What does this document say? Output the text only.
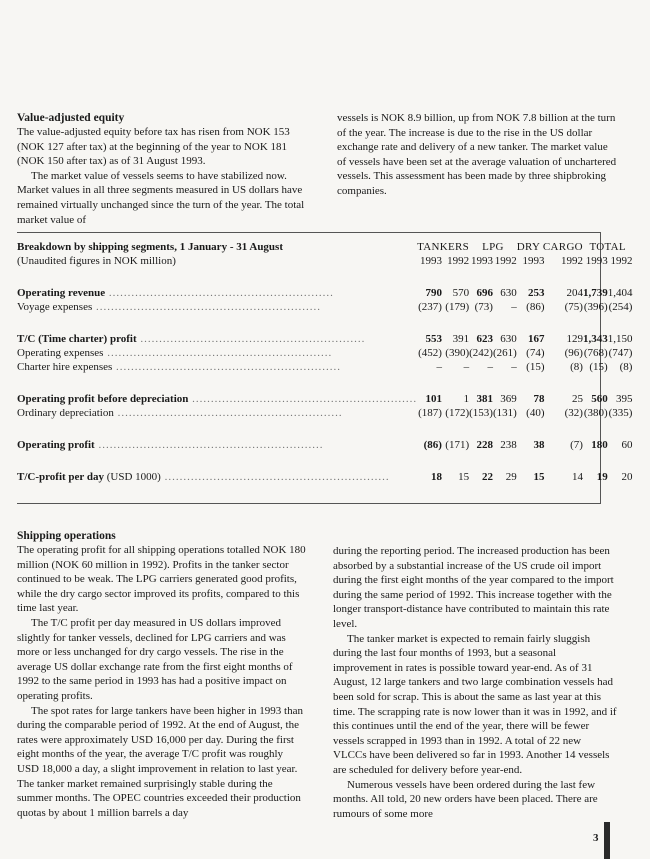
Value-adjusted equity

The value-adjusted equity before tax has risen from NOK 153 (NOK 127 after tax) at the beginning of the year to NOK 181 (NOK 150 after tax) as of 31 August 1993.

The market value of vessels seems to have stabilized now. Market values in all three segments measured in US dollars have remained virtually unchanged since the turn of the year. The total market value of

vessels is NOK 8.9 billion, up from NOK 7.8 billion at the turn of the year. The increase is due to the rise in the US dollar exchange rate and delivery of a new tanker. The market value of vessels have been set at the average valuation of unchartered vessels. This assessment has been made by three shipbroking companies.

Breakdown by shipping segments, 1 January - 31 August	TANKERS		LPG		DRY CARGO		TOTAL	
(Unaudited figures in NOK million)	1993	1992		1993	1992		1993	1992		1993	1992

Operating revenue ............................................................	790	570		696	630		253	204		1,739	1,404
Voyage expenses ............................................................	(237)	(179)		(73)	–		(86)	(75)		(396)	(254)

T/C (Time charter) profit ............................................................	553	391		623	630		167	129		1,343	1,150
Operating expenses ............................................................	(452)	(390)		(242)	(261)		(74)	(96)		(768)	(747)
Charter hire expenses ............................................................	–	–		–	–		(15)	(8)		(15)	(8)

Operating profit before depreciation ............................................................	101	1		381	369		78	25		560	395
Ordinary depreciation ............................................................	(187)	(172)		(153)	(131)		(40)	(32)		(380)	(335)

Operating profit ............................................................	(86)	(171)		228	238		38	(7)		180	60

T/C-profit per day (USD 1000) ............................................................	18	15		22	29		15	14		19	20

Shipping operations

The operating profit for all shipping operations totalled NOK 180 million (NOK 60 million in 1992). Profits in the tanker sector continued to be weak. The LPG carriers generated good profits, while the dry cargo sector improved its profits, compared to this time last year.

The T/C profit per day measured in US dollars improved slightly for tanker vessels, declined for LPG carriers and was more or less unchanged for dry cargo vessels. The rise in the average US dollar exchange rate from the first eight months of 1992 to the same period in 1993 has had a positive impact on operating profits.

The spot rates for large tankers have been higher in 1993 than during the comparable period of 1992. At the end of August, the rates were approximately USD 16,000 per day. During the first eight months of the year, the average T/C profit was roughly USD 18,000 a day, a slight improvement in relation to last year. The tanker market remained surprisingly stable during the summer months. The OPEC countries exceeded their production quotas by about 1 million barrels a day

during the reporting period. The increased production has been absorbed by a substantial increase of the US crude oil import during the first eight months of the year compared to the import during the same period of 1992. This increase together with the longer transport-distance have contributed to maintain this rate level.

The tanker market is expected to remain fairly sluggish during the last four months of 1993, but a seasonal improvement in rates is possible toward year-end. As of 31 August, 12 large tankers and two large combination vessels had been sold for scrap. This is about the same as last year at this time. The scrapping rate is now lower than it was in 1992, and if this continues until the end of the year, there will be fewer vessels scrapped in 1993 than in 1992. A total of 22 new VLCCs have been delivered so far in 1993. Another 14 vessels are scheduled for delivery before year-end.

Numerous vessels have been ordered during the last few months. All told, 20 new orders have been placed. There are rumours of some more

3
